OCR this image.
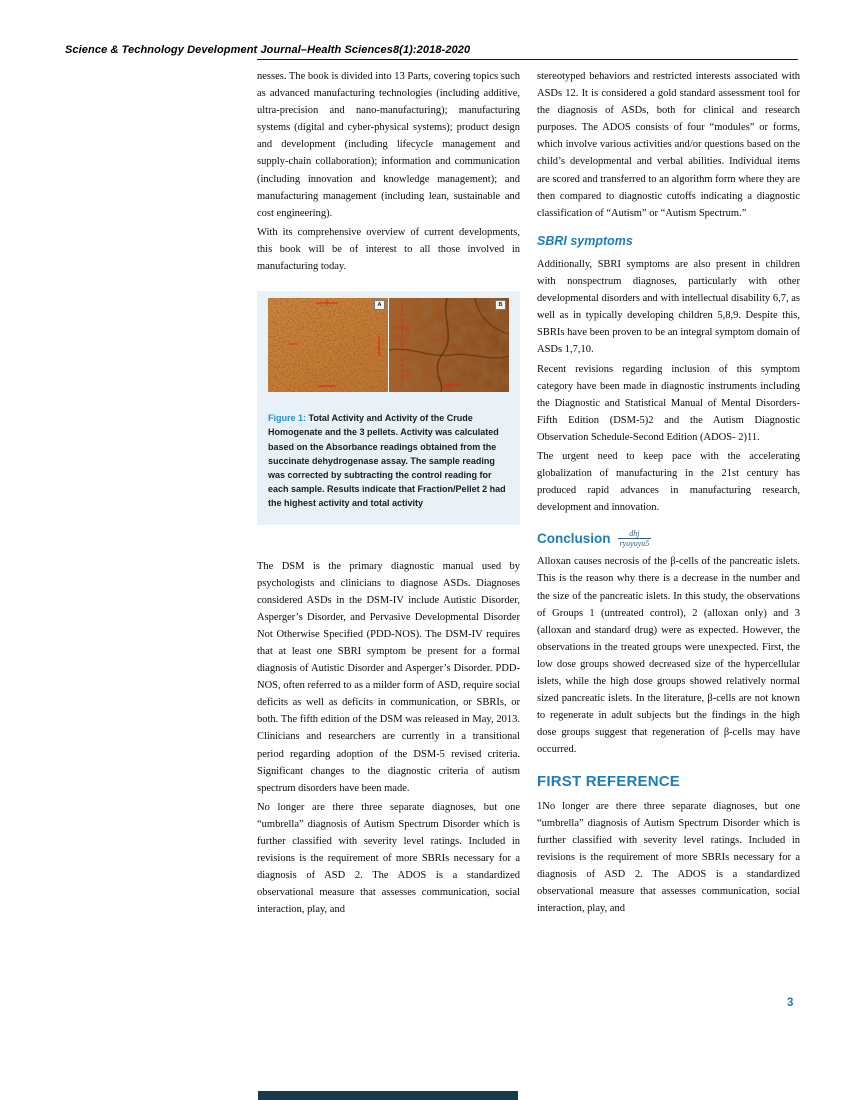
Science & Technology Development Journal–Health Sciences8(1):2018-2020

nesses. The book is divided into 13 Parts, covering topics such as advanced manufacturing technologies (including additive, ultra-precision and nano-manufacturing); manufacturing systems (digital and cyber-physical systems); product design and development (including lifecycle management and supply-chain collaboration); information and communication (including innovation and knowledge management); and manufacturing management (including lean, sustainable and cost engineering).

With its comprehensive overview of current developments, this book will be of interest to all those involved in manufacturing today.

A	B
Figure 1: Total Activity and Activity of the Crude Homogenate and the 3 pellets. Activity was calculated based on the Absorbance readings obtained from the succinate dehydrogenase assay. The sample reading was corrected by subtracting the control reading for each sample. Results indicate that Fraction/Pellet 2 had the highest activity and total activity

The DSM is the primary diagnostic manual used by psychologists and clinicians to diagnose ASDs. Diagnoses considered ASDs in the DSM-IV include Autistic Disorder, Asperger’s Disorder, and Pervasive Developmental Disorder Not Otherwise Specified (PDD-NOS). The DSM-IV requires that at least one SBRI symptom be present for a formal diagnosis of Autistic Disorder and Asperger’s Disorder. PDD-NOS, often referred to as a milder form of ASD, require social deficits as well as deficits in communication, or SBRIs, or both. The fifth edition of the DSM was released in May, 2013. Clinicians and researchers are currently in a transitional period regarding adoption of the DSM-5 revised criteria. Significant changes to the diagnostic criteria of autism spectrum disorders have been made.

No longer are there three separate diagnoses, but one “umbrella” diagnosis of Autism Spectrum Disorder which is further classified with severity level ratings. Included in revisions is the requirement of more SBRIs necessary for a diagnosis of ASD 2. The ADOS is a standardized observational measure that assesses communication, social interaction, play, and

stereotyped behaviors and restricted interests associated with ASDs 12. It is considered a gold standard assessment tool for the diagnosis of ASDs, both for clinical and research purposes. The ADOS consists of four “modules” or forms, which involve various activities and/or questions based on the child’s developmental and verbal abilities. Individual items are scored and transferred to an algorithm form where they are then compared to diagnostic cutoffs indicating a diagnostic classification of “Autism” or “Autism Spectrum.”

SBRI symptoms

Additionally, SBRI symptoms are also present in children with nonspectrum diagnoses, particularly with other developmental disorders and with intellectual disability 6,7, as well as in typically developing children 5,8,9. Despite this, SBRIs have been proven to be an integral symptom domain of ASDs 1,7,10.

Recent revisions regarding inclusion of this symptom category have been made in diagnostic instruments including the Diagnostic and Statistical Manual of Mental Disorders-Fifth Edition (DSM-5)2 and the Autism Diagnostic Observation Schedule-Second Edition (ADOS- 2)11.

The urgent need to keep pace with the accelerating globalization of manufacturing in the 21st century has produced rapid advances in manufacturing research, development and innovation.

Conclusion $\frac{\text{dhj}}{\text{ryuyuyu5}}$

Alloxan causes necrosis of the β-cells of the pancreatic islets. This is the reason why there is a decrease in the number and the size of the pancreatic islets. In this study, the observations of Groups 1 (untreated control), 2 (alloxan only) and 3 (alloxan and standard drug) were as expected. However, the observations in the treated groups were unexpected. First, the low dose groups showed decreased size of the hypercellular islets, while the high dose groups showed relatively normal sized pancreatic islets. In the literature, β-cells are not known to regenerate in adult subjects but the findings in the high dose groups suggest that regeneration of β-cells may have occurred.

FIRST REFERENCE

1No longer are there three separate diagnoses, but one “umbrella” diagnosis of Autism Spectrum Disorder which is further classified with severity level ratings. Included in revisions is the requirement of more SBRIs necessary for a diagnosis of ASD 2. The ADOS is a standardized observational measure that assesses communication, social interaction, play, and

3
